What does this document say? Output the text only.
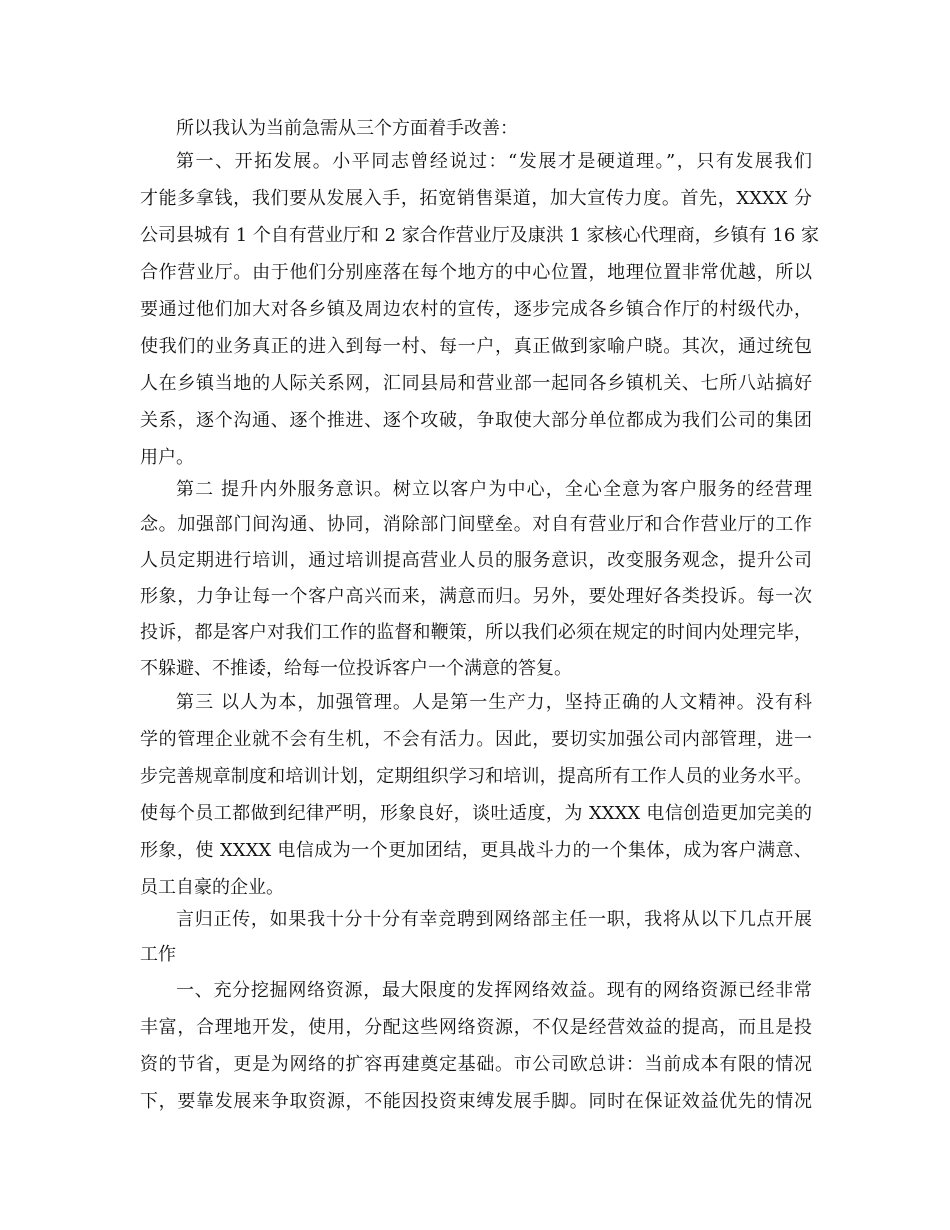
所以我认为当前急需从三个方面着手改善：
第一、开拓发展。小平同志曾经说过：“发展才是硬道理。”，只有发展我们
才能多拿钱，我们要从发展入手，拓宽销售渠道，加大宣传力度。首先，XXXX 分
公司县城有 1 个自有营业厅和 2 家合作营业厅及康洪 1 家核心代理商，乡镇有 16 家
合作营业厅。由于他们分别座落在每个地方的中心位置，地理位置非常优越，所以
要通过他们加大对各乡镇及周边农村的宣传，逐步完成各乡镇合作厅的村级代办，
使我们的业务真正的进入到每一村、每一户，真正做到家喻户晓。其次，通过统包
人在乡镇当地的人际关系网，汇同县局和营业部一起同各乡镇机关、七所八站搞好
关系，逐个沟通、逐个推进、逐个攻破，争取使大部分单位都成为我们公司的集团
用户。
第二 提升内外服务意识。树立以客户为中心，全心全意为客户服务的经营理
念。加强部门间沟通、协同，消除部门间壁垒。对自有营业厅和合作营业厅的工作
人员定期进行培训，通过培训提高营业人员的服务意识，改变服务观念，提升公司
形象，力争让每一个客户高兴而来，满意而归。另外，要处理好各类投诉。每一次
投诉，都是客户对我们工作的监督和鞭策，所以我们必须在规定的时间内处理完毕，
不躲避、不推诿，给每一位投诉客户一个满意的答复。
第三 以人为本，加强管理。人是第一生产力，坚持正确的人文精神。没有科
学的管理企业就不会有生机，不会有活力。因此，要切实加强公司内部管理，进一
步完善规章制度和培训计划，定期组织学习和培训，提高所有工作人员的业务水平。
使每个员工都做到纪律严明，形象良好，谈吐适度，为 XXXX 电信创造更加完美的
形象，使 XXXX 电信成为一个更加团结，更具战斗力的一个集体，成为客户满意、
员工自豪的企业。
言归正传，如果我十分十分有幸竞聘到网络部主任一职，我将从以下几点开展
工作
一、充分挖掘网络资源，最大限度的发挥网络效益。现有的网络资源已经非常
丰富，合理地开发，使用，分配这些网络资源，不仅是经营效益的提高，而且是投
资的节省，更是为网络的扩容再建奠定基础。市公司欧总讲：当前成本有限的情况
下，要靠发展来争取资源，不能因投资束缚发展手脚。同时在保证效益优先的情况
